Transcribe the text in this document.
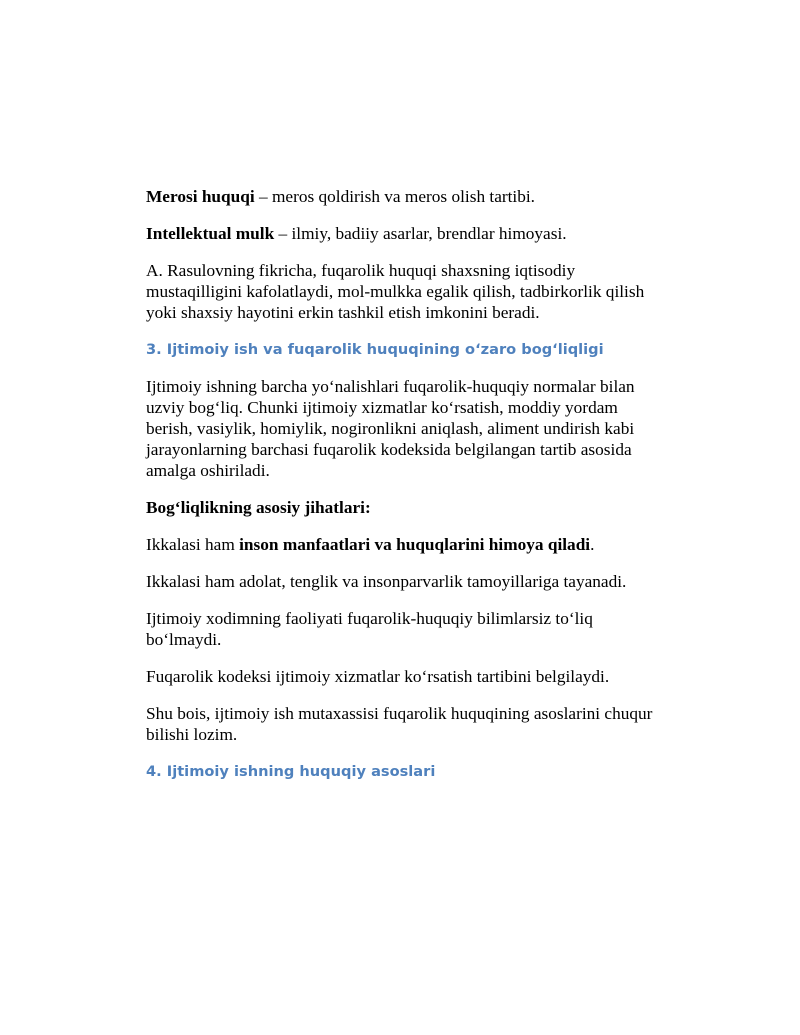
Merosi huquqi – meros qoldirish va meros olish tartibi.

Intellektual mulk – ilmiy, badiiy asarlar, brendlar himoyasi.

A. Rasulovning fikricha, fuqarolik huquqi shaxsning iqtisodiy mustaqilligini kafolatlaydi, mol-mulkka egalik qilish, tadbirkorlik qilish yoki shaxsiy hayotini erkin tashkil etish imkonini beradi.

3. Ijtimoiy ish va fuqarolik huquqining oʻzaro bogʻliqligi

Ijtimoiy ishning barcha yoʻnalishlari fuqarolik-huquqiy normalar bilan uzviy bogʻliq. Chunki ijtimoiy xizmatlar koʻrsatish, moddiy yordam berish, vasiylik, homiylik, nogironlikni aniqlash, aliment undirish kabi jarayonlarning barchasi fuqarolik kodeksida belgilangan tartib asosida amalga oshiriladi.

Bogʻliqlikning asosiy jihatlari:

Ikkalasi ham inson manfaatlari va huquqlarini himoya qiladi.

Ikkalasi ham adolat, tenglik va insonparvarlik tamoyillariga tayanadi.

Ijtimoiy xodimning faoliyati fuqarolik-huquqiy bilimlarsiz toʻliq boʻlmaydi.

Fuqarolik kodeksi ijtimoiy xizmatlar koʻrsatish tartibini belgilaydi.

Shu bois, ijtimoiy ish mutaxassisi fuqarolik huquqining asoslarini chuqur bilishi lozim.

4. Ijtimoiy ishning huquqiy asoslari
